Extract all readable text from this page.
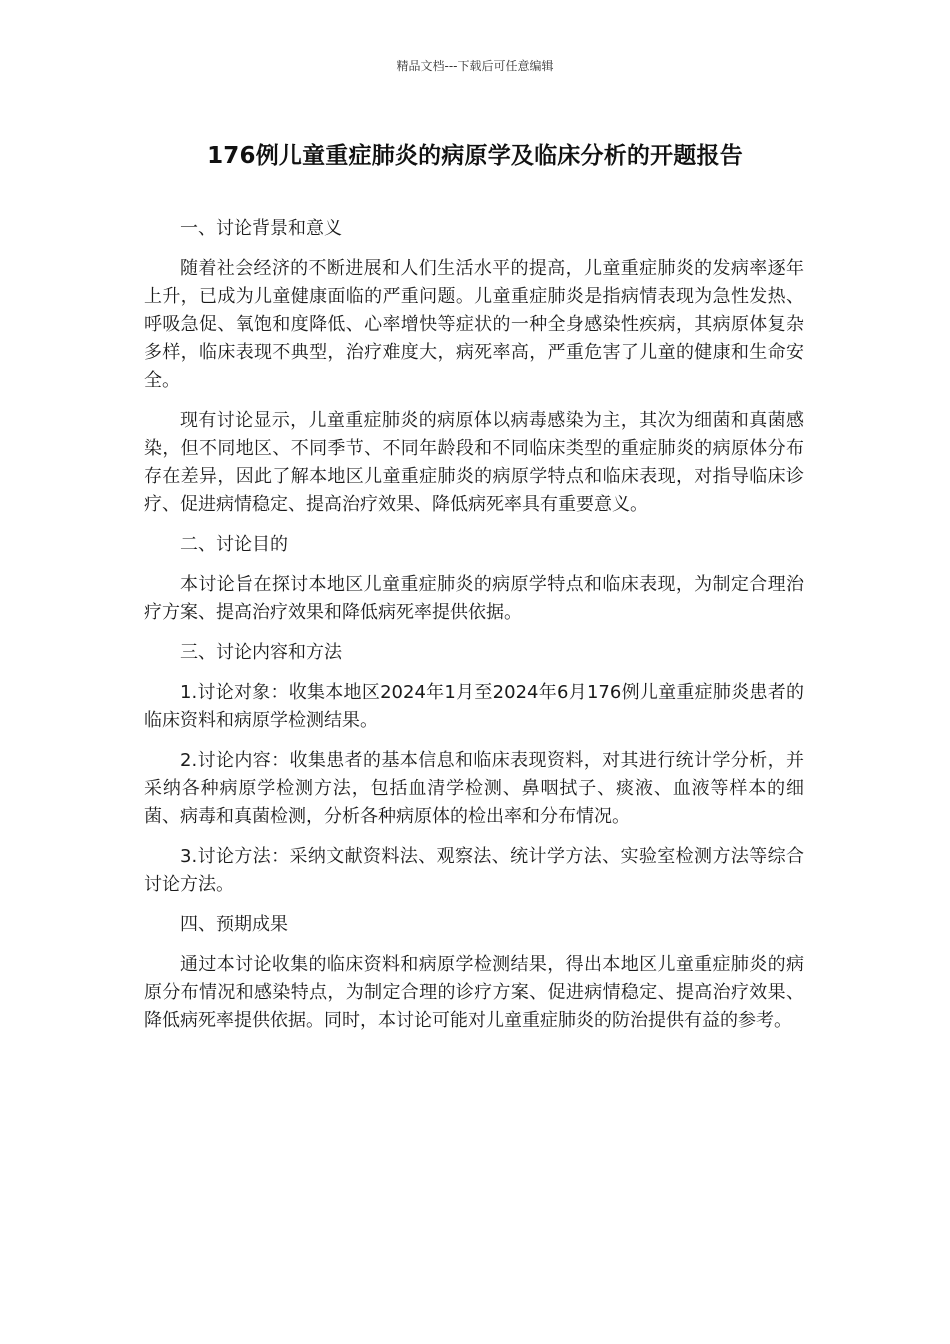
精品文档---下载后可任意编辑
176例儿童重症肺炎的病原学及临床分析的开题报告

一、讨论背景和意义

随着社会经济的不断进展和人们生活水平的提高，儿童重症肺炎的发病率逐年上升，已成为儿童健康面临的严重问题。儿童重症肺炎是指病情表现为急性发热、呼吸急促、氧饱和度降低、心率增快等症状的一种全身感染性疾病，其病原体复杂多样，临床表现不典型，治疗难度大，病死率高，严重危害了儿童的健康和生命安全。

现有讨论显示，儿童重症肺炎的病原体以病毒感染为主，其次为细菌和真菌感染，但不同地区、不同季节、不同年龄段和不同临床类型的重症肺炎的病原体分布存在差异，因此了解本地区儿童重症肺炎的病原学特点和临床表现，对指导临床诊疗、促进病情稳定、提高治疗效果、降低病死率具有重要意义。

二、讨论目的

本讨论旨在探讨本地区儿童重症肺炎的病原学特点和临床表现，为制定合理治疗方案、提高治疗效果和降低病死率提供依据。

三、讨论内容和方法

1.讨论对象：收集本地区2024年1月至2024年6月176例儿童重症肺炎患者的临床资料和病原学检测结果。

2.讨论内容：收集患者的基本信息和临床表现资料，对其进行统计学分析，并采纳各种病原学检测方法，包括血清学检测、鼻咽拭子、痰液、血液等样本的细菌、病毒和真菌检测，分析各种病原体的检出率和分布情况。

3.讨论方法：采纳文献资料法、观察法、统计学方法、实验室检测方法等综合讨论方法。

四、预期成果

通过本讨论收集的临床资料和病原学检测结果，得出本地区儿童重症肺炎的病原分布情况和感染特点，为制定合理的诊疗方案、促进病情稳定、提高治疗效果、降低病死率提供依据。同时，本讨论可能对儿童重症肺炎的防治提供有益的参考。
